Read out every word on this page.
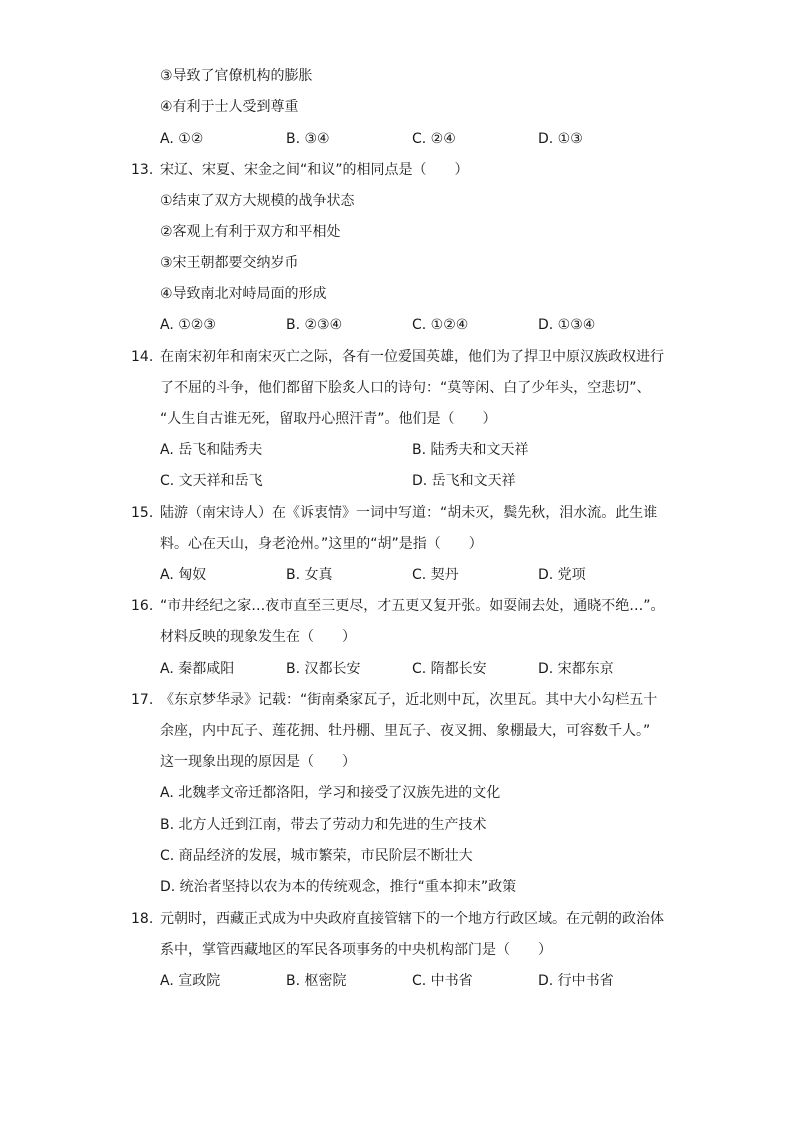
③导致了官僚机构的膨胀
④有利于士人受到尊重
A. ①②	B. ③④	C. ②④	D. ①③
13. 宋辽、宋夏、宋金之间“和议”的相同点是（　　）
①结束了双方大规模的战争状态
②客观上有利于双方和平相处
③宋王朝都要交纳岁币
④导致南北对峙局面的形成
A. ①②③	B. ②③④	C. ①②④	D. ①③④
14. 在南宋初年和南宋灭亡之际，各有一位爱国英雄，他们为了捍卫中原汉族政权进行
了不屈的斗争，他们都留下脍炙人口的诗句：“莫等闲、白了少年头，空悲切”、
“人生自古谁无死，留取丹心照汗青”。他们是（　　）
A. 岳飞和陆秀夫	B. 陆秀夫和文天祥
C. 文天祥和岳飞	D. 岳飞和文天祥
15. 陆游（南宋诗人）在《诉衷情》一词中写道：“胡未灭，鬓先秋，泪水流。此生谁
料。心在天山，身老沧州。”这里的“胡”是指（　　）
A. 匈奴	B. 女真	C. 契丹	D. 党项
16. “市井经纪之家…夜市直至三更尽，才五更又复开张。如耍闹去处，通晓不绝…”。
材料反映的现象发生在（　　）
A. 秦都咸阳	B. 汉都长安	C. 隋都长安	D. 宋都东京
17. 《东京梦华录》记载：“街南桑家瓦子，近北则中瓦，次里瓦。其中大小勾栏五十
余座，内中瓦子、莲花拥、牡丹棚、里瓦子、夜叉拥、象棚最大，可容数千人。”
这一现象出现的原因是（　　）
A. 北魏孝文帝迁都洛阳，学习和接受了汉族先进的文化
B. 北方人迁到江南，带去了劳动力和先进的生产技术
C. 商品经济的发展，城市繁荣，市民阶层不断壮大
D. 统治者坚持以农为本的传统观念，推行“重本抑末”政策
18. 元朝时，西藏正式成为中央政府直接管辖下的一个地方行政区域。在元朝的政治体
系中，掌管西藏地区的军民各项事务的中央机构部门是（　　）
A. 宣政院	B. 枢密院	C. 中书省	D. 行中书省
